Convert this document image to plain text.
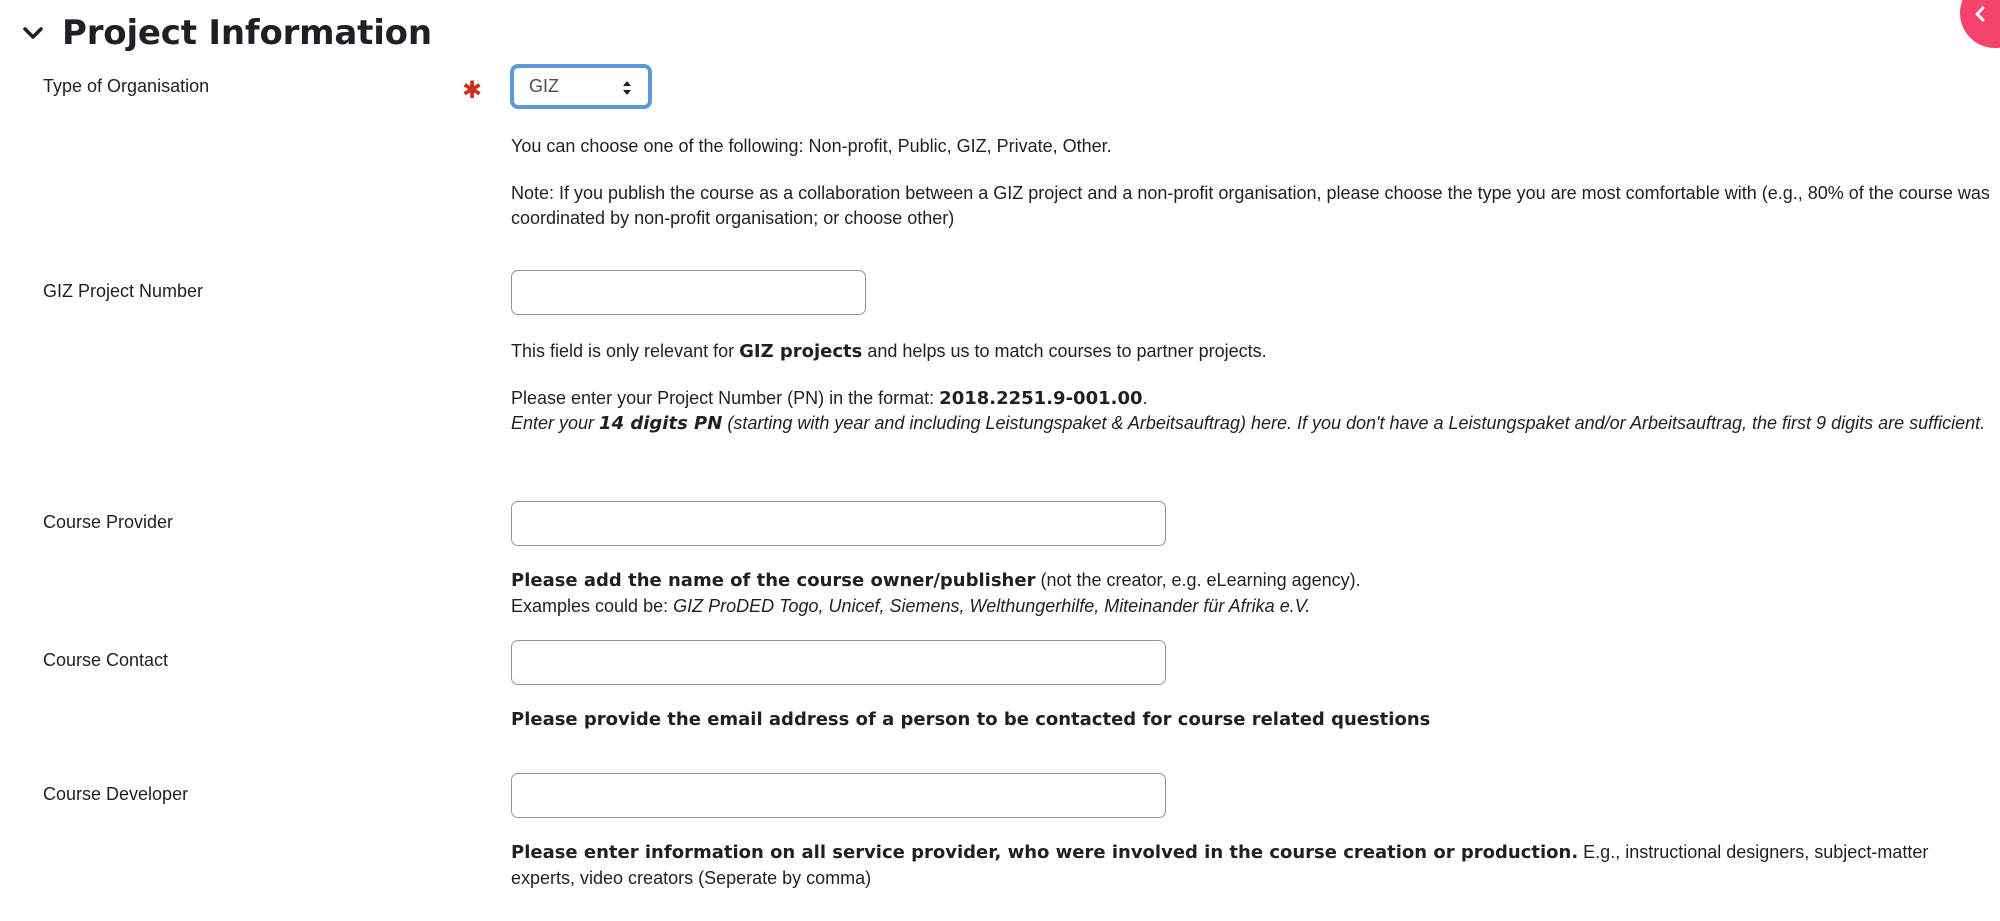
Project Information
Type of Organisation	✱	GIZ

You can choose one of the following: Non-profit, Public, GIZ, Private, Other.

Note: If you publish the course as a collaboration between a GIZ project and a non-profit organisation, please choose the type you are most comfortable with (e.g., 80% of the course was coordinated by non-profit organisation; or choose other)

GIZ Project Number

This field is only relevant for GIZ projects and helps us to match courses to partner projects.

Please enter your Project Number (PN) in the format: 2018.2251.9-001.00.

Enter your 14 digits PN (starting with year and including Leistungspaket & Arbeitsauftrag) here. If you don't have a Leistungspaket and/or Arbeitsauftrag, the first 9 digits are sufficient.

Course Provider

Please add the name of the course owner/publisher (not the creator, e.g. eLearning agency).

Examples could be: GIZ ProDED Togo, Unicef, Siemens, Welthungerhilfe, Miteinander für Afrika e.V.

Course Contact

Please provide the email address of a person to be contacted for course related questions

Course Developer

Please enter information on all service provider, who were involved in the course creation or production. E.g., instructional designers, subject-matter experts, video creators (Seperate by comma)
